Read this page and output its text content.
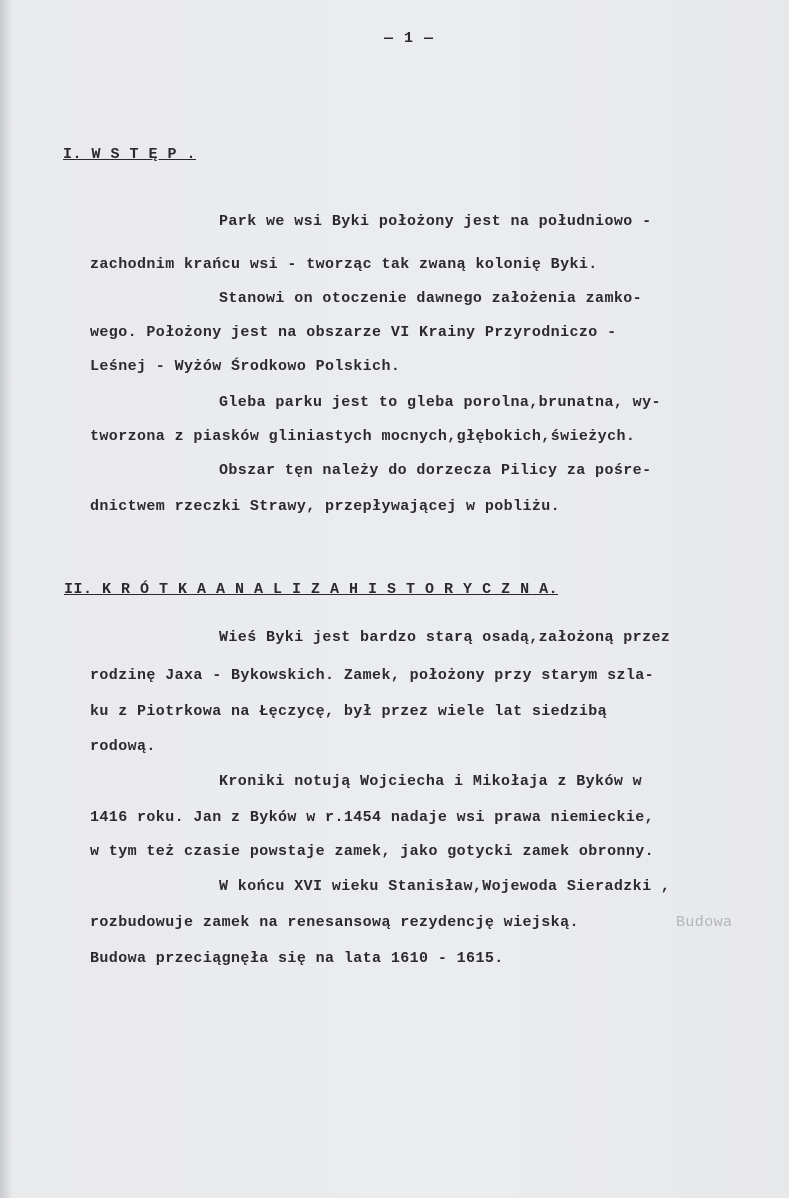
— 1 —
I. W S T Ę P .
Park we wsi Byki położony jest na południowo -
zachodnim krańcu wsi - tworząc tak zwaną kolonię Byki.
Stanowi on otoczenie dawnego założenia zamko-
wego. Położony jest na obszarze VI Krainy Przyrodniczo -
Leśnej - Wyżów Środkowo Polskich.
Gleba parku jest to gleba porolna,brunatna, wy-
tworzona z piasków gliniastych mocnych,głębokich,świeżych.
Obszar tęn należy do dorzecza Pilicy za pośre-
dnictwem rzeczki Strawy, przepływającej w pobliżu.
II. K R Ó T K A A N A L I Z A H I S T O R Y C Z N A.
Wieś Byki jest bardzo starą osadą,założoną przez
rodzinę Jaxa - Bykowskich. Zamek, położony przy starym szla-
ku z Piotrkowa na Łęczycę, był przez wiele lat siedzibą
rodową.
Kroniki notują Wojciecha i Mikołaja z Byków w
1416 roku. Jan z Byków w r.1454 nadaje wsi prawa niemieckie,
w tym też czasie powstaje zamek, jako gotycki zamek obronny.
W końcu XVI wieku Stanisław,Wojewoda Sieradzki ,
rozbudowuje zamek na renesansową rezydencję wiejską.	Budowa
Budowa przeciągnęła się na lata 1610 - 1615.
